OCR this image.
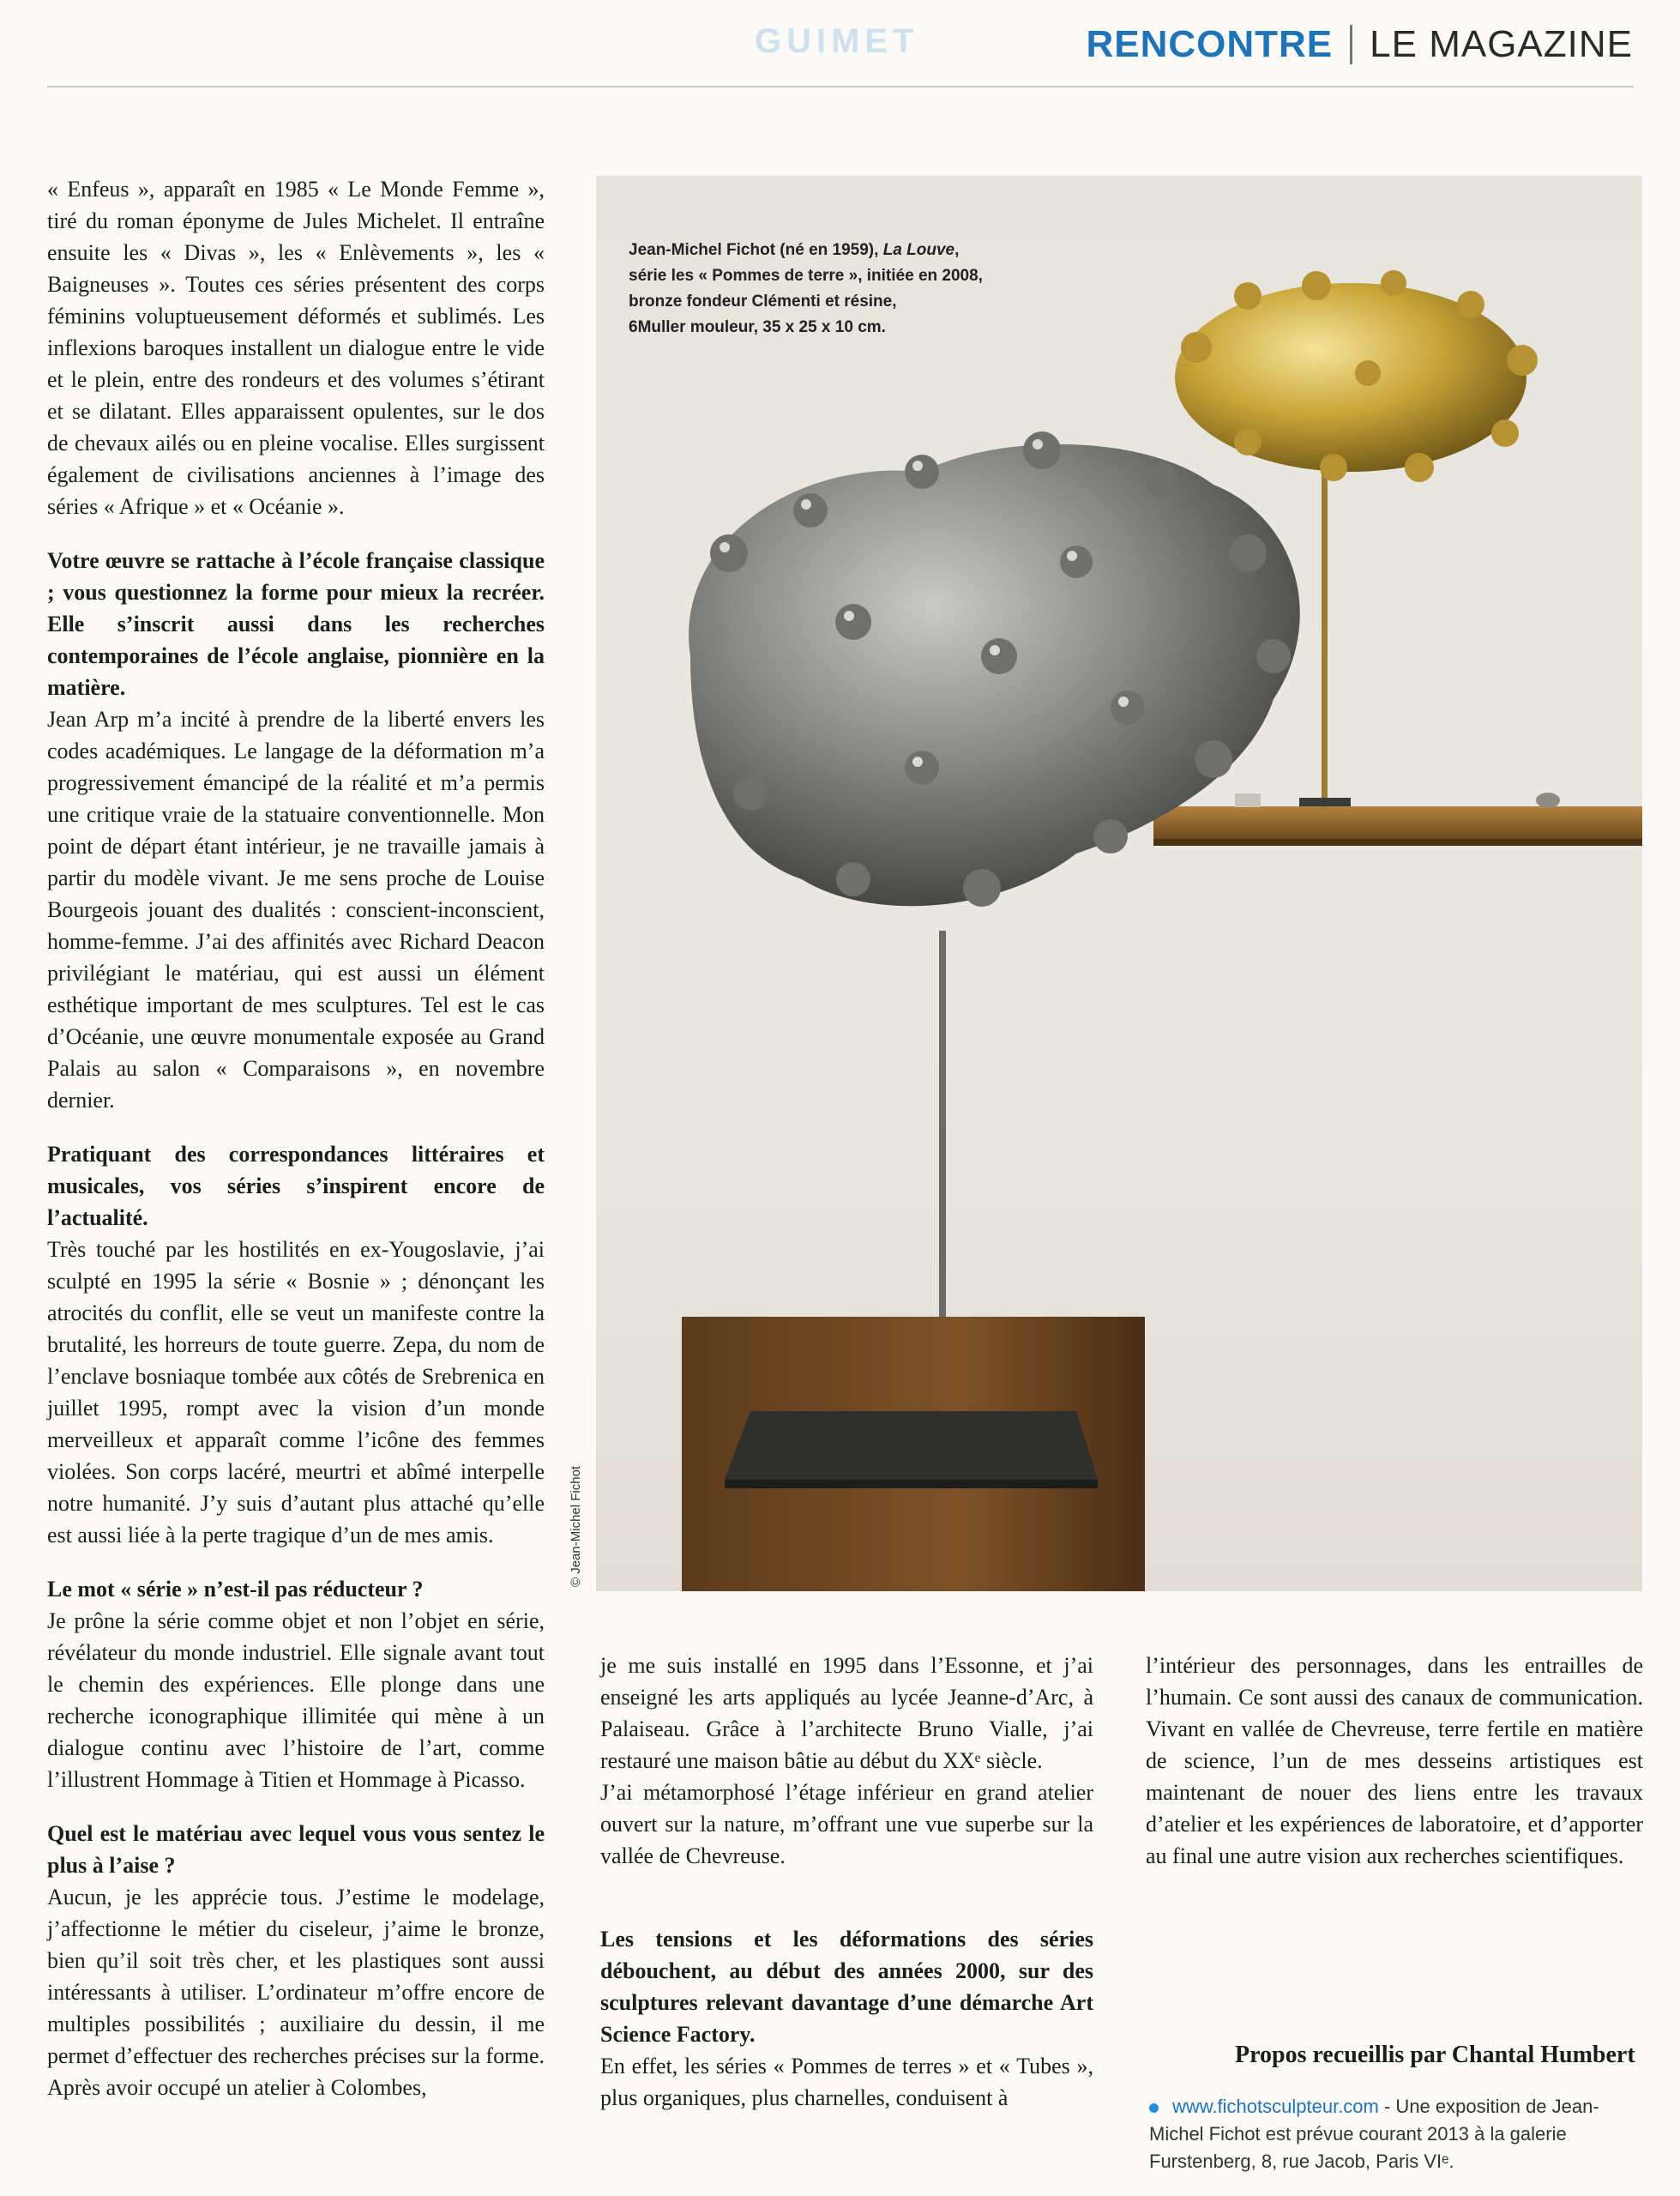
GUIMET	RENCONTRE LE MAGAZINE

« Enfeus », apparaît en 1985 « Le Monde Femme », tiré du roman éponyme de Jules Michelet. Il entraîne ensuite les « Divas », les « Enlèvements », les « Baigneuses ». Toutes ces séries présentent des corps féminins voluptueusement déformés et sublimés. Les inflexions baroques installent un dialogue entre le vide et le plein, entre des rondeurs et des volumes s’étirant et se dilatant. Elles apparaissent opulentes, sur le dos de chevaux ailés ou en pleine vocalise. Elles surgissent également de civilisations anciennes à l’image des séries « Afrique » et « Océanie ».

Votre œuvre se rattache à l’école française classique ; vous questionnez la forme pour mieux la recréer. Elle s’inscrit aussi dans les recherches contemporaines de l’école anglaise, pionnière en la matière.

Jean Arp m’a incité à prendre de la liberté envers les codes académiques. Le langage de la déformation m’a progressivement émancipé de la réalité et m’a permis une critique vraie de la statuaire conventionnelle. Mon point de départ étant intérieur, je ne travaille jamais à partir du modèle vivant. Je me sens proche de Louise Bourgeois jouant des dualités : conscient-inconscient, homme-femme. J’ai des affinités avec Richard Deacon privilégiant le matériau, qui est aussi un élément esthétique important de mes sculptures. Tel est le cas d’Océanie, une œuvre monumentale exposée au Grand Palais au salon « Comparaisons », en novembre dernier.

Pratiquant des correspondances littéraires et musicales, vos séries s’inspirent encore de l’actualité.

Très touché par les hostilités en ex-Yougoslavie, j’ai sculpté en 1995 la série « Bosnie » ; dénonçant les atrocités du conflit, elle se veut un manifeste contre la brutalité, les horreurs de toute guerre. Zepa, du nom de l’enclave bosniaque tombée aux côtés de Srebrenica en juillet 1995, rompt avec la vision d’un monde merveilleux et apparaît comme l’icône des femmes violées. Son corps lacéré, meurtri et abîmé interpelle notre humanité. J’y suis d’autant plus attaché qu’elle est aussi liée à la perte tragique d’un de mes amis.

Le mot « série » n’est-il pas réducteur ?

Je prône la série comme objet et non l’objet en série, révélateur du monde industriel. Elle signale avant tout le chemin des expériences. Elle plonge dans une recherche iconographique illimitée qui mène à un dialogue continu avec l’histoire de l’art, comme l’illustrent Hommage à Titien et Hommage à Picasso.

Quel est le matériau avec lequel vous vous sentez le plus à l’aise ?

Aucun, je les apprécie tous. J’estime le modelage, j’affectionne le métier du ciseleur, j’aime le bronze, bien qu’il soit très cher, et les plastiques sont aussi intéressants à utiliser. L’ordinateur m’offre encore de multiples possibilités ; auxiliaire du dessin, il me permet d’effectuer des recherches précises sur la forme. Après avoir occupé un atelier à Colombes,

Jean-Michel Fichot (né en 1959), La Louve,
série les « Pommes de terre », initiée en 2008,
bronze fondeur Clémenti et résine,
6Muller mouleur, 35 x 25 x 10 cm.
© Jean-Michel Fichot

je me suis installé en 1995 dans l’Essonne, et j’ai enseigné les arts appliqués au lycée Jeanne-d’Arc, à Palaiseau. Grâce à l’architecte Bruno Vialle, j’ai restauré une maison bâtie au début du XXᵉ siècle.

J’ai métamorphosé l’étage inférieur en grand atelier ouvert sur la nature, m’offrant une vue superbe sur la vallée de Chevreuse.

Les tensions et les déformations des séries débouchent, au début des années 2000, sur des sculptures relevant davantage d’une démarche Art Science Factory.

En effet, les séries « Pommes de terres » et « Tubes », plus organiques, plus charnelles, conduisent à

l’intérieur des personnages, dans les entrailles de l’humain. Ce sont aussi des canaux de communication. Vivant en vallée de Chevreuse, terre fertile en matière de science, l’un de mes desseins artistiques est maintenant de nouer des liens entre les travaux d’atelier et les expériences de laboratoire, et d’apporter au final une autre vision aux recherches scientifiques.

Propos recueillis par Chantal Humbert
www.fichotsculpteur.com - Une exposition de Jean-Michel Fichot est prévue courant 2013 à la galerie Furstenberg, 8, rue Jacob, Paris VIᵉ.
